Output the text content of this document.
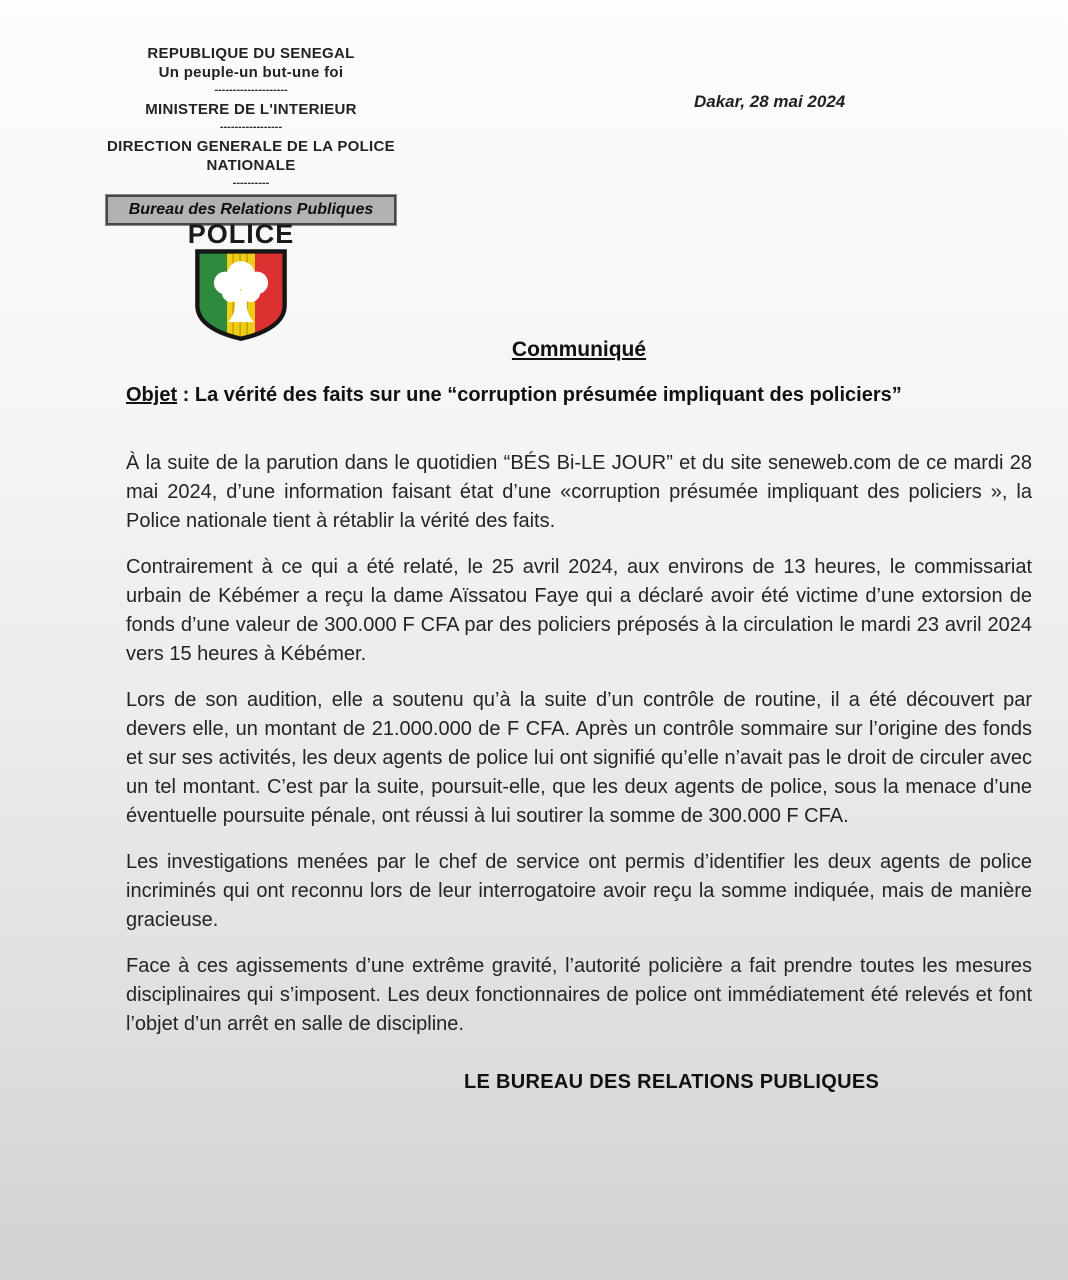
REPUBLIQUE DU SENEGAL
Un peuple-un but-une foi
--------------------
MINISTERE DE L'INTERIEUR
-----------------
DIRECTION GENERALE DE LA POLICE NATIONALE
----------
Bureau des Relations Publiques
Dakar, 28 mai 2024
POLICE
Communiqué

Objet : La vérité des faits sur une “corruption présumée impliquant des policiers”

À la suite de la parution dans le quotidien “BÉS Bi-LE JOUR” et du site seneweb.com de ce mardi 28 mai 2024, d’une information faisant état d’une «corruption présumée impliquant des policiers », la Police nationale tient à rétablir la vérité des faits.

Contrairement à ce qui a été relaté, le 25 avril 2024, aux environs de 13 heures, le commissariat urbain de Kébémer a reçu la dame Aïssatou Faye qui a déclaré avoir été victime d’une extorsion de fonds d’une valeur de 300.000 F CFA par des policiers préposés à la circulation le mardi 23 avril 2024 vers 15 heures à Kébémer.

Lors de son audition, elle a soutenu qu’à la suite d’un contrôle de routine, il a été découvert par devers elle, un montant de 21.000.000 de F CFA. Après un contrôle sommaire sur l’origine des fonds et sur ses activités, les deux agents de police lui ont signifié qu’elle n’avait pas le droit de circuler avec un tel montant. C’est par la suite, poursuit-elle, que les deux agents de police, sous la menace d’une éventuelle poursuite pénale, ont réussi à lui soutirer la somme de 300.000 F CFA.

Les investigations menées par le chef de service ont permis d’identifier les deux agents de police incriminés qui ont reconnu lors de leur interrogatoire avoir reçu la somme indiquée, mais de manière gracieuse.

Face à ces agissements d’une extrême gravité, l’autorité policière a fait prendre toutes les mesures disciplinaires qui s’imposent. Les deux fonctionnaires de police ont immédiatement été relevés et font l’objet d’un arrêt en salle de discipline.

LE BUREAU DES RELATIONS PUBLIQUES
